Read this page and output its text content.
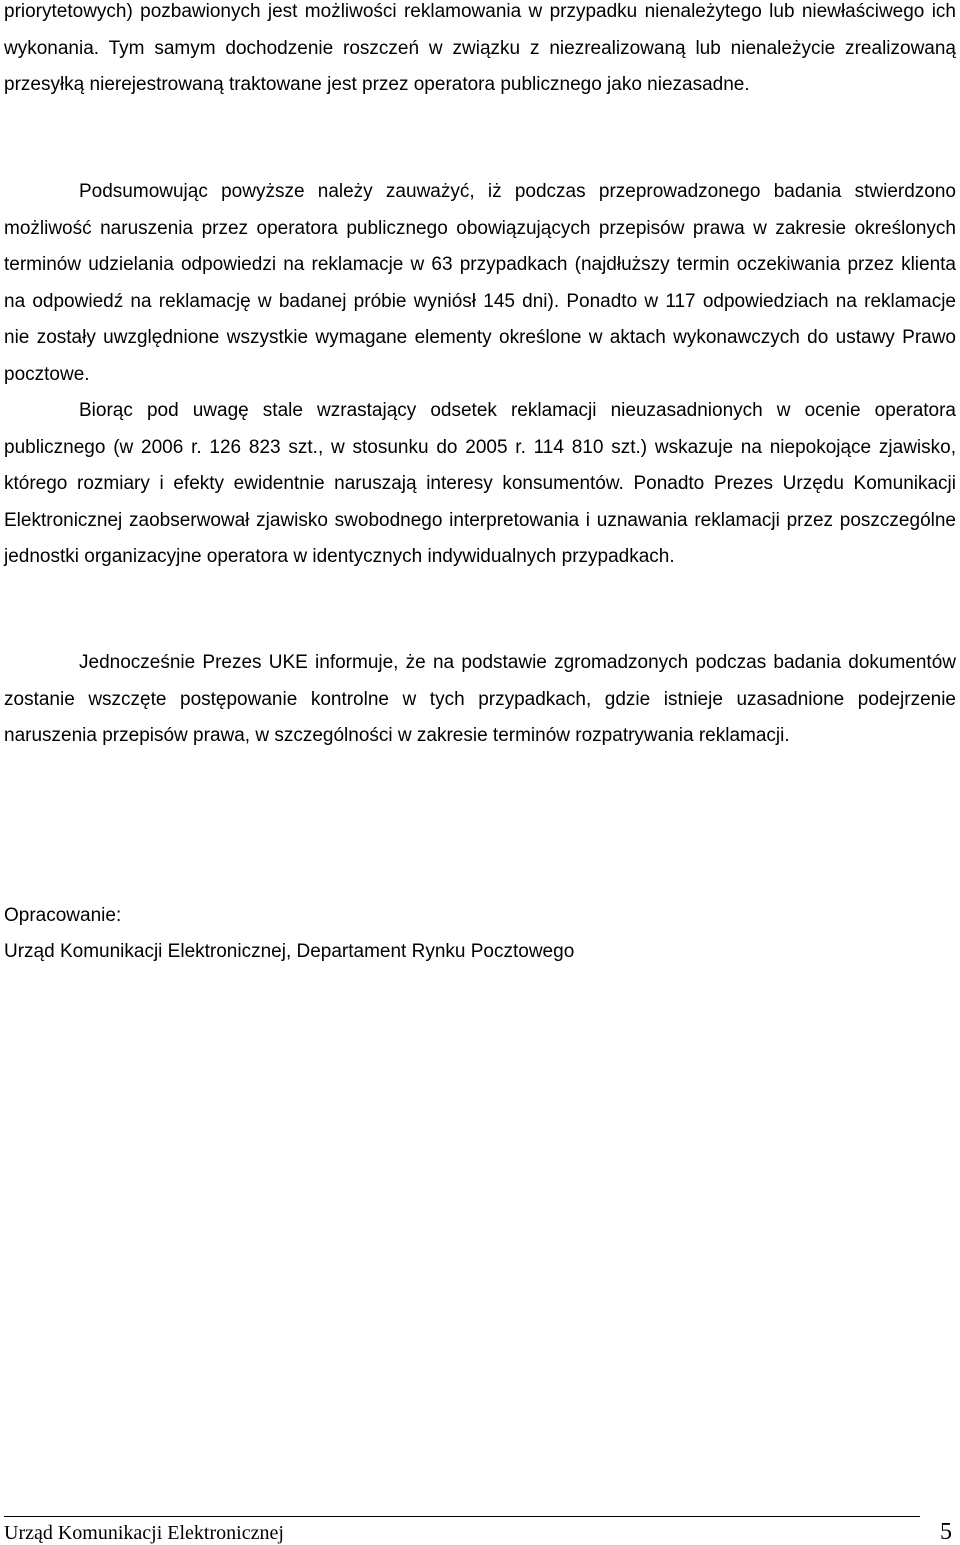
priorytetowych) pozbawionych jest możliwości reklamowania w przypadku nienależytego lub niewłaściwego ich wykonania. Tym samym dochodzenie roszczeń w związku z niezrealizowaną lub nienależycie zrealizowaną przesyłką nierejestrowaną traktowane jest przez operatora publicznego jako niezasadne.

Podsumowując powyższe należy zauważyć, iż podczas przeprowadzonego badania stwierdzono możliwość naruszenia przez operatora publicznego obowiązujących przepisów prawa w zakresie określonych terminów udzielania odpowiedzi na reklamacje w 63 przypadkach (najdłuższy termin oczekiwania przez klienta na odpowiedź na reklamację w badanej próbie wyniósł 145 dni). Ponadto w 117 odpowiedziach na reklamacje nie zostały uwzględnione wszystkie wymagane elementy określone w aktach wykonawczych do ustawy Prawo pocztowe.

Biorąc pod uwagę stale wzrastający odsetek reklamacji nieuzasadnionych w ocenie operatora publicznego (w 2006 r. 126 823 szt., w stosunku do 2005 r. 114 810 szt.) wskazuje na niepokojące zjawisko, którego rozmiary i efekty ewidentnie naruszają interesy konsumentów. Ponadto Prezes Urzędu Komunikacji Elektronicznej zaobserwował zjawisko swobodnego interpretowania i uznawania reklamacji przez poszczególne jednostki organizacyjne operatora w identycznych indywidualnych przypadkach.

Jednocześnie Prezes UKE informuje, że na podstawie zgromadzonych podczas badania dokumentów zostanie wszczęte postępowanie kontrolne w tych przypadkach, gdzie istnieje uzasadnione podejrzenie naruszenia przepisów prawa, w szczególności w zakresie terminów rozpatrywania reklamacji.

Opracowanie:

Urząd Komunikacji Elektronicznej, Departament Rynku Pocztowego

Urząd Komunikacji Elektronicznej	5
